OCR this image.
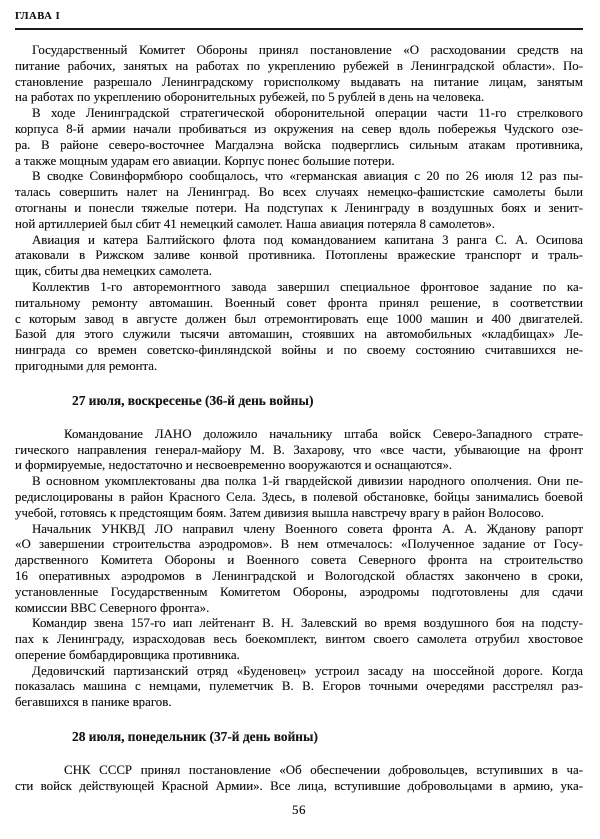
ГЛАВА I
Государственный Комитет Обороны принял постановление «О расходовании средств на
питание рабочих, занятых на работах по укреплению рубежей в Ленинградской области». По-
становление разрешало Ленинградскому горисполкому выдавать на питание лицам, занятым
на работах по укреплению оборонительных рубежей, по 5 рублей в день на человека.
В ходе Ленинградской стратегической оборонительной операции части 11-го стрелкового
корпуса 8-й армии начали пробиваться из окружения на север вдоль побережья Чудского озе-
ра. В районе северо-восточнее Магдалэна войска подверглись сильным атакам противника,
а также мощным ударам его авиации. Корпус понес большие потери.
В сводке Совинформбюро сообщалось, что «германская авиация с 20 по 26 июля 12 раз пы-
талась совершить налет на Ленинград. Во всех случаях немецко-фашистские самолеты были
отогнаны и понесли тяжелые потери. На подступах к Ленинграду в воздушных боях и зенит-
ной артиллерией был сбит 41 немецкий самолет. Наша авиация потеряла 8 самолетов».
Авиация и катера Балтийского флота под командованием капитана 3 ранга С. А. Осипова
атаковали в Рижском заливе конвой противника. Потоплены вражеские транспорт и траль-
щик, сбиты два немецких самолета.
Коллектив 1-го авторемонтного завода завершил специальное фронтовое задание по ка-
питальному ремонту автомашин. Военный совет фронта принял решение, в соответствии
с которым завод в августе должен был отремонтировать еще 1000 машин и 400 двигателей.
Базой для этого служили тысячи автомашин, стоявших на автомобильных «кладбищах» Ле-
нинграда со времен советско-финляндской войны и по своему состоянию считавшихся не-
пригодными для ремонта.
27 июля, воскресенье (36-й день войны)
Командование ЛАНО доложило начальнику штаба войск Северо-Западного страте-
гического направления генерал-майору М. В. Захарову, что «все части, убывающие на фронт
и формируемые, недостаточно и несвоевременно вооружаются и оснащаются».
В основном укомплектованы два полка 1-й гвардейской дивизии народного ополчения. Они пе-
редислоцированы в район Красного Села. Здесь, в полевой обстановке, бойцы занимались боевой
учебой, готовясь к предстоящим боям. Затем дивизия вышла навстречу врагу в район Волосово.
Начальник УНКВД ЛО направил члену Военного совета фронта А. А. Жданову рапорт
«О завершении строительства аэродромов». В нем отмечалось: «Полученное задание от Госу-
дарственного Комитета Обороны и Военного совета Северного фронта на строительство
16 оперативных аэродромов в Ленинградской и Вологодской областях закончено в сроки,
установленные Государственным Комитетом Обороны, аэродромы подготовлены для сдачи
комиссии ВВС Северного фронта».
Командир звена 157-го иап лейтенант В. Н. Залевский во время воздушного боя на подсту-
пах к Ленинграду, израсходовав весь боекомплект, винтом своего самолета отрубил хвостовое
оперение бомбардировщика противника.
Дедовичский партизанский отряд «Буденовец» устроил засаду на шоссейной дороге. Когда
показалась машина с немцами, пулеметчик В. В. Егоров точными очередями расстрелял раз-
бегавшихся в панике врагов.
28 июля, понедельник (37-й день войны)
СНК СССР принял постановление «Об обеспечении добровольцев, вступивших в ча-
сти войск действующей Красной Армии». Все лица, вступившие добровольцами в армию, ука-
56
